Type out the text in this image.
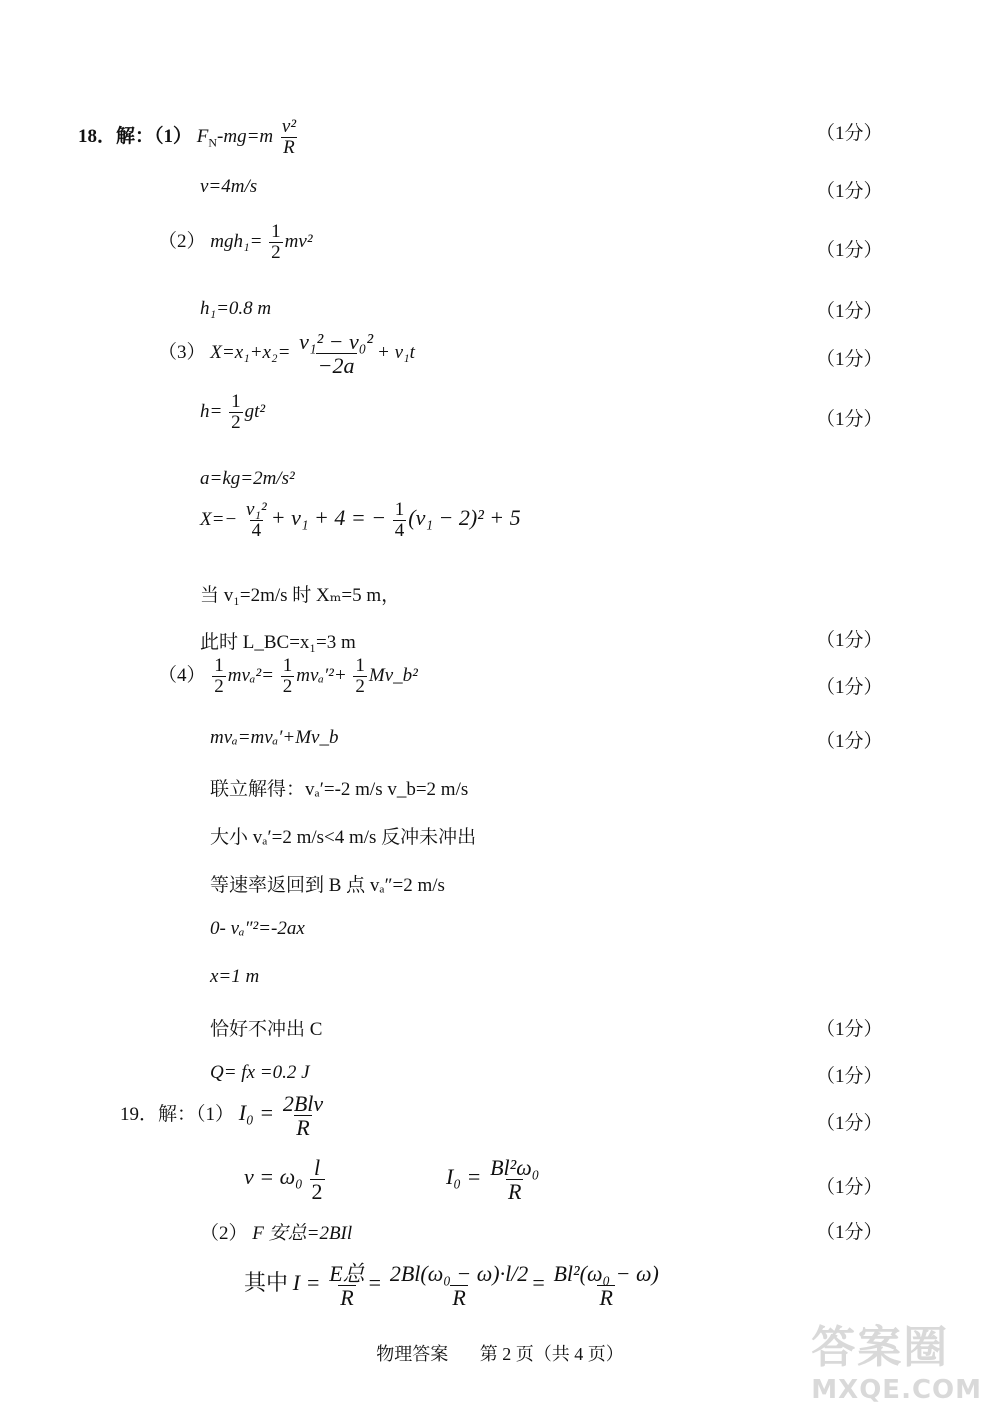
18．解：（1） $F_N-mg=m \frac{\text{v²}}{R}$	（1分）
v=4m/s	（1分）
（2） $mgh_1= \frac{1}{2} mv^2$	（1分）
h₁=0.8 m	（1分）
（3） $X=x_1+x_2= \frac{\text{v₁² − v₀²}}{-2a} + v_1t$	（1分）
$h= \frac{1}{2} gt^2$	（1分）
a=kg=2m/s²
$X=- \frac{\text{v₁²}}{4} + v_1 + 4$ = − $\frac{1}{4} (v_1 - 2)^2 + 5$
当 v₁=2m/s 时 Xₘ=5 m，
此时 L_BC=x₁=3 m	（1分）
$(4) \frac{1}{2} mv_a^2= \frac{1}{2} mv_a'^2+ \frac{1}{2}$ Mv_b²
（1分）
mvₐ=mvₐ′+Mv_b	（1分）
联立解得：vₐ′=-2 m/s v_b=2 m/s
大小 vₐ′=2 m/s<4 m/s 反冲未冲出
等速率返回到 B 点 vₐ″=2 m/s
0- vₐ″²=-2ax
x=1 m
恰好不冲出 C	（1分）
Q= fx =0.2 J	（1分）
19．解：（1） $I_0 = \frac{\text{2Blv}}{R}$	（1分）
$v = \omega_0 \frac{l}{2}$	$I_0 = \frac{\text{Bl²ω₀}}{R}$	（1分）
（2） F 安总=2BIl	（1分）
其中 $I = \frac{\text{E总}}{R} = \frac{\text{2Bl(ω₀ − ω)·l/2}}{R} = \frac{\text{Bl²(ω₀ − ω)}}{R}$
物理答案 第 2 页（共 4 页）	答案圈
MXQE.COM
